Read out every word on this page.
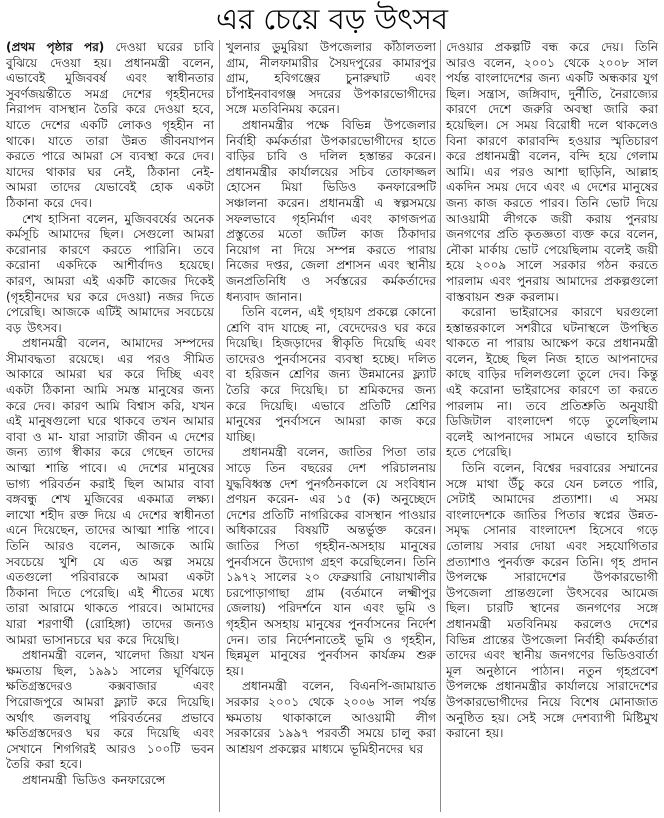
এর চেয়ে বড় উৎসব

(প্রথম পৃষ্ঠার পর) দেওয়া ঘরের চাবি বুঝিয়ে দেওয়া হয়। প্রধানমন্ত্রী বলেন, এভাবেই মুজিববর্ষ এবং স্বাধীনতার সুবর্ণজয়ন্তীতে সমগ্র দেশের গৃহহীনদের নিরাপদ বাসস্থান তৈরি করে দেওয়া হবে, যাতে দেশের একটি লোকও গৃহহীন না থাকে। যাতে তারা উন্নত জীবনযাপন করতে পারে আমরা সে ব্যবস্থা করে দেব। যাদের থাকার ঘর নেই, ঠিকানা নেই- আমরা তাদের যেভাবেই হোক একটা ঠিকানা করে দেব।

শেখ হাসিনা বলেন, মুজিববর্ষের অনেক কর্মসূচি আমাদের ছিল। সেগুলো আমরা করোনার কারণে করতে পারিনি। তবে করোনা একদিকে আশীর্বাদও হয়েছে। কারণ, আমরা এই একটি কাজের দিকেই (গৃহহীনদের ঘর করে দেওয়া) নজর দিতে পেরেছি। আজকে এটিই আমাদের সবচেয়ে বড় উৎসব।

প্রধানমন্ত্রী বলেন, আমাদের সম্পদের সীমাবদ্ধতা রয়েছে। এর পরও সীমিত আকারে আমরা ঘর করে দিচ্ছি এবং একটা ঠিকানা আমি সমস্ত মানুষের জন্য করে দেব। কারণ আমি বিশ্বাস করি, যখন এই মানুষগুলো ঘরে থাকবে তখন আমার বাবা ও মা- যারা সারাটা জীবন এ দেশের জন্য ত্যাগ স্বীকার করে গেছেন তাদের আত্মা শান্তি পাবে। এ দেশের মানুষের ভাগ্য পরিবর্তন করাই ছিল আমার বাবা বঙ্গবন্ধু শেখ মুজিবের একমাত্র লক্ষ্য। লাখো শহীদ রক্ত দিয়ে এ দেশের স্বাধীনতা এনে দিয়েছেন, তাদের আত্মা শান্তি পাবে। তিনি আরও বলেন, আজকে আমি সবচেয়ে খুশি যে এত অল্প সময়ে এতগুলো পরিবারকে আমরা একটা ঠিকানা দিতে পেরেছি। এই শীতের মধ্যে তারা আরামে থাকতে পারবে। আমাদের যারা শরণার্থী (রোহিঙ্গা) তাদের জন্যও আমরা ভাসানচরে ঘর করে দিয়েছি।

প্রধানমন্ত্রী বলেন, খালেদা জিয়া যখন ক্ষমতায় ছিল, ১৯৯১ সালের ঘূর্ণিঝড়ে ক্ষতিগ্রস্তদেরও কক্সবাজার এবং পিরোজপুরে আমরা ফ্ল্যাট করে দিয়েছি। অর্থাৎ জলবায়ু পরিবর্তনের প্রভাবে ক্ষতিগ্রস্তদেরও ঘর করে দিয়েছি এবং সেখানে শিগগিরই আরও ১০০টি ভবন তৈরি করা হবে।

প্রধানমন্ত্রী ভিডিও কনফারেন্সে

খুলনার ডুমুরিয়া উপজেলার কাঁঠালতলা গ্রাম, নীলফামারীর সৈয়দপুরের কামারপুর গ্রাম, হবিগঞ্জের চুনারুঘাট এবং চাঁপাইনবাবগঞ্জ সদরের উপকারভোগীদের সঙ্গে মতবিনিময় করেন।

প্রধানমন্ত্রীর পক্ষে বিভিন্ন উপজেলার নির্বাহী কর্মকর্তারা উপকারভোগীদের হাতে বাড়ির চাবি ও দলিল হস্তান্তর করেন। প্রধানমন্ত্রীর কার্যালয়ের সচিব তোফাজ্জল হোসেন মিয়া ভিডিও কনফারেন্সটি সঞ্চালনা করেন। প্রধানমন্ত্রী এ স্বল্পসময়ে সফলভাবে গৃহনির্মাণ এবং কাগজপত্র প্রস্তুতের মতো জটিল কাজ ঠিকাদার নিয়োগ না দিয়ে সম্পন্ন করতে পারায় নিজের দপ্তর, জেলা প্রশাসন এবং স্থানীয় জনপ্রতিনিধি ও সর্বস্তরের কর্মকর্তাদের ধন্যবাদ জানান।

তিনি বলেন, এই গৃহায়ণ প্রকল্পে কোনো শ্রেণি বাদ যাচ্ছে না, বেদেদেরও ঘর করে দিয়েছি। হিজড়াদের স্বীকৃতি দিয়েছি এবং তাদেরও পুনর্বাসনের ব্যবস্থা হচ্ছে। দলিত বা হরিজন শ্রেণির জন্য উন্নমানের ফ্ল্যাট তৈরি করে দিয়েছি। চা শ্রমিকদের জন্য করে দিয়েছি। এভাবে প্রতিটি শ্রেণির মানুষের পুনর্বাসনে আমরা কাজ করে যাচ্ছি।

প্রধানমন্ত্রী বলেন, জাতির পিতা তার সাড়ে তিন বছরের দেশ পরিচালনায় যুদ্ধবিধ্বস্ত দেশ পুনর্গঠনকালে যে সংবিধান প্রণয়ন করেন- এর ১৫ (ক) অনুচ্ছেদে দেশের প্রতিটি নাগরিকের বাসস্থান পাওয়ার অধিকারের বিষয়টি অন্তর্ভুক্ত করেন। জাতির পিতা গৃহহীন-অসহায় মানুষের পুনর্বাসনে উদ্যোগ গ্রহণ করেছিলেন। তিনি ১৯৭২ সালের ২০ ফেব্রুয়ারি নোয়াখালীর চরপোড়াগাছা গ্রাম (বর্তমানে লক্ষ্মীপুর জেলায়) পরিদর্শনে যান এবং ভূমি ও গৃহহীন অসহায় মানুষের পুনর্বাসনের নির্দেশ দেন। তার নির্দেশনাতেই ভূমি ও গৃহহীন, ছিন্নমূল মানুষের পুনর্বাসন কার্যক্রম শুরু হয়।

প্রধানমন্ত্রী বলেন, বিএনপি-জামায়াত সরকার ২০০১ থেকে ২০০৬ সাল পর্যন্ত ক্ষমতায় থাকাকালে আওয়ামী লীগ সরকারের ১৯৯৭ পরবর্তী সময়ে চালু করা আশ্রয়ণ প্রকল্পের মাধ্যমে ভূমিহীনদের ঘর

দেওয়ার প্রকল্পটি বন্ধ করে দেয়। তিনি আরও বলেন, ২০০১ থেকে ২০০৮ সাল পর্যন্ত বাংলাদেশের জন্য একটি অন্ধকার যুগ ছিল। সন্ত্রাস, জঙ্গিবাদ, দুর্নীতি, নৈরাজ্যের কারণে দেশে জরুরি অবস্থা জারি করা হয়েছিল। সে সময় বিরোধী দলে থাকলেও বিনা কারণে কারাবন্দি হওয়ার স্মৃতিচারণ করে প্রধানমন্ত্রী বলেন, বন্দি হয়ে গেলাম আমি। এর পরও আশা ছাড়িনি, আল্লাহ একদিন সময় দেবে এবং এ দেশের মানুষের জন্য কাজ করতে পারব। তিনি ভোট দিয়ে আওয়ামী লীগকে জয়ী করায় পুনরায় জনগণের প্রতি কৃতজ্ঞতা ব্যক্ত করে বলেন, নৌকা মার্কায় ভোট পেয়েছিলাম বলেই জয়ী হয়ে ২০০৯ সালে সরকার গঠন করতে পারলাম এবং পুনরায় আমাদের প্রকল্পগুলো বাস্তবায়ন শুরু করলাম।

করোনা ভাইরাসের কারণে ঘরগুলো হস্তান্তরকালে সশরীরে ঘটনাস্থলে উপস্থিত থাকতে না পারায় আক্ষেপ করে প্রধানমন্ত্রী বলেন, ইচ্ছে ছিল নিজ হাতে আপনাদের কাছে বাড়ির দলিলগুলো তুলে দেব। কিন্তু এই করোনা ভাইরাসের কারণে তা করতে পারলাম না। তবে প্রতিশ্রুতি অনুযায়ী ডিজিটাল বাংলাদেশ গড়ে তুলেছিলাম বলেই আপনাদের সামনে এভাবে হাজির হতে পেরেছি।

তিনি বলেন, বিশ্বের দরবারের সম্মানের সঙ্গে মাথা উঁচু করে যেন চলতে পারি, সেটাই আমাদের প্রত্যাশা। এ সময় বাংলাদেশকে জাতির পিতার স্বপ্নের উন্নত-সমৃদ্ধ সোনার বাংলাদেশ হিসেবে গড়ে তোলায় সবার দোয়া এবং সহযোগিতার প্রত্যাশাও পুনর্ব্যক্ত করেন তিনি। গৃহ প্রদান উপলক্ষে সারাদেশের উপকারভোগী উপজেলা প্রান্তগুলো উৎসবের আমেজ ছিল। চারটি স্থানের জনগণের সঙ্গে প্রধানমন্ত্রী মতবিনিময় করলেও দেশের বিভিন্ন প্রান্তের উপজেলা নির্বাহী কর্মকর্তারা তাদের এবং স্থানীয় জনগণের ভিডিওবার্তা মূল অনুষ্ঠানে পাঠান। নতুন গৃহপ্রবেশ উপলক্ষে প্রধানমন্ত্রীর কার্যালয়ে সারাদেশের উপকারভোগীদের নিয়ে বিশেষ মোনাজাত অনুষ্ঠিত হয়। সেই সঙ্গে দেশব্যাপী মিষ্টিমুখ করানো হয়।
